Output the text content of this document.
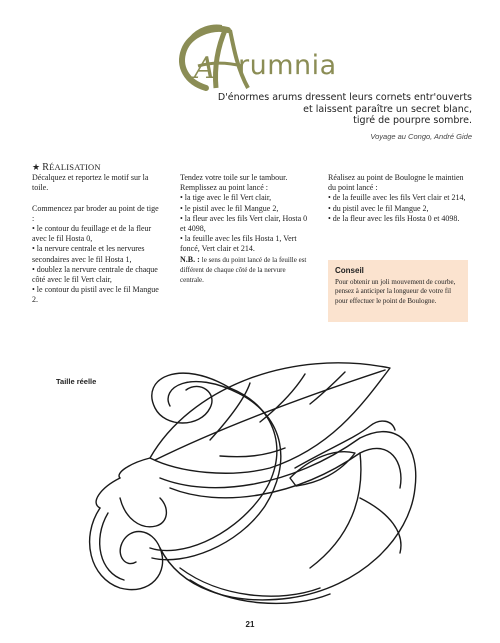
A rumnia
D'énormes arums dressent leurs cornets entr'ouverts
et laissent paraître un secret blanc,
tigré de pourpre sombre.
Voyage au Congo, André Gide

★ RÉALISATION

Décalquez et reportez le motif sur la toile.

Commencez par broder au point de tige :

• le contour du feuillage et de la fleur avec le fil Hosta 0,

• la nervure centrale et les nervures secondaires avec le fil Hosta 1,

• doublez la nervure centrale de chaque côté avec le fil Vert clair,

• le contour du pistil avec le fil Mangue 2.

Tendez votre toile sur le tambour. Remplissez au point lancé :

• la tige avec le fil Vert clair,

• le pistil avec le fil Mangue 2,

• la fleur avec les fils Vert clair, Hosta 0 et 4098,

• la feuille avec les fils Hosta 1, Vert foncé, Vert clair et 214.

N.B. : le sens du point lancé de la feuille est différent de chaque côté de la nervure centrale.

Réalisez au point de Boulogne le maintien du point lancé :

• de la feuille avec les fils Vert clair et 214,

• du pistil avec le fil Mangue 2,

• de la fleur avec les fils Hosta 0 et 4098.

Conseil
Pour obtenir un joli mouvement de courbe, pensez à anticiper la longueur de votre fil pour effectuer le point de Boulogne.
Taille réelle
21
